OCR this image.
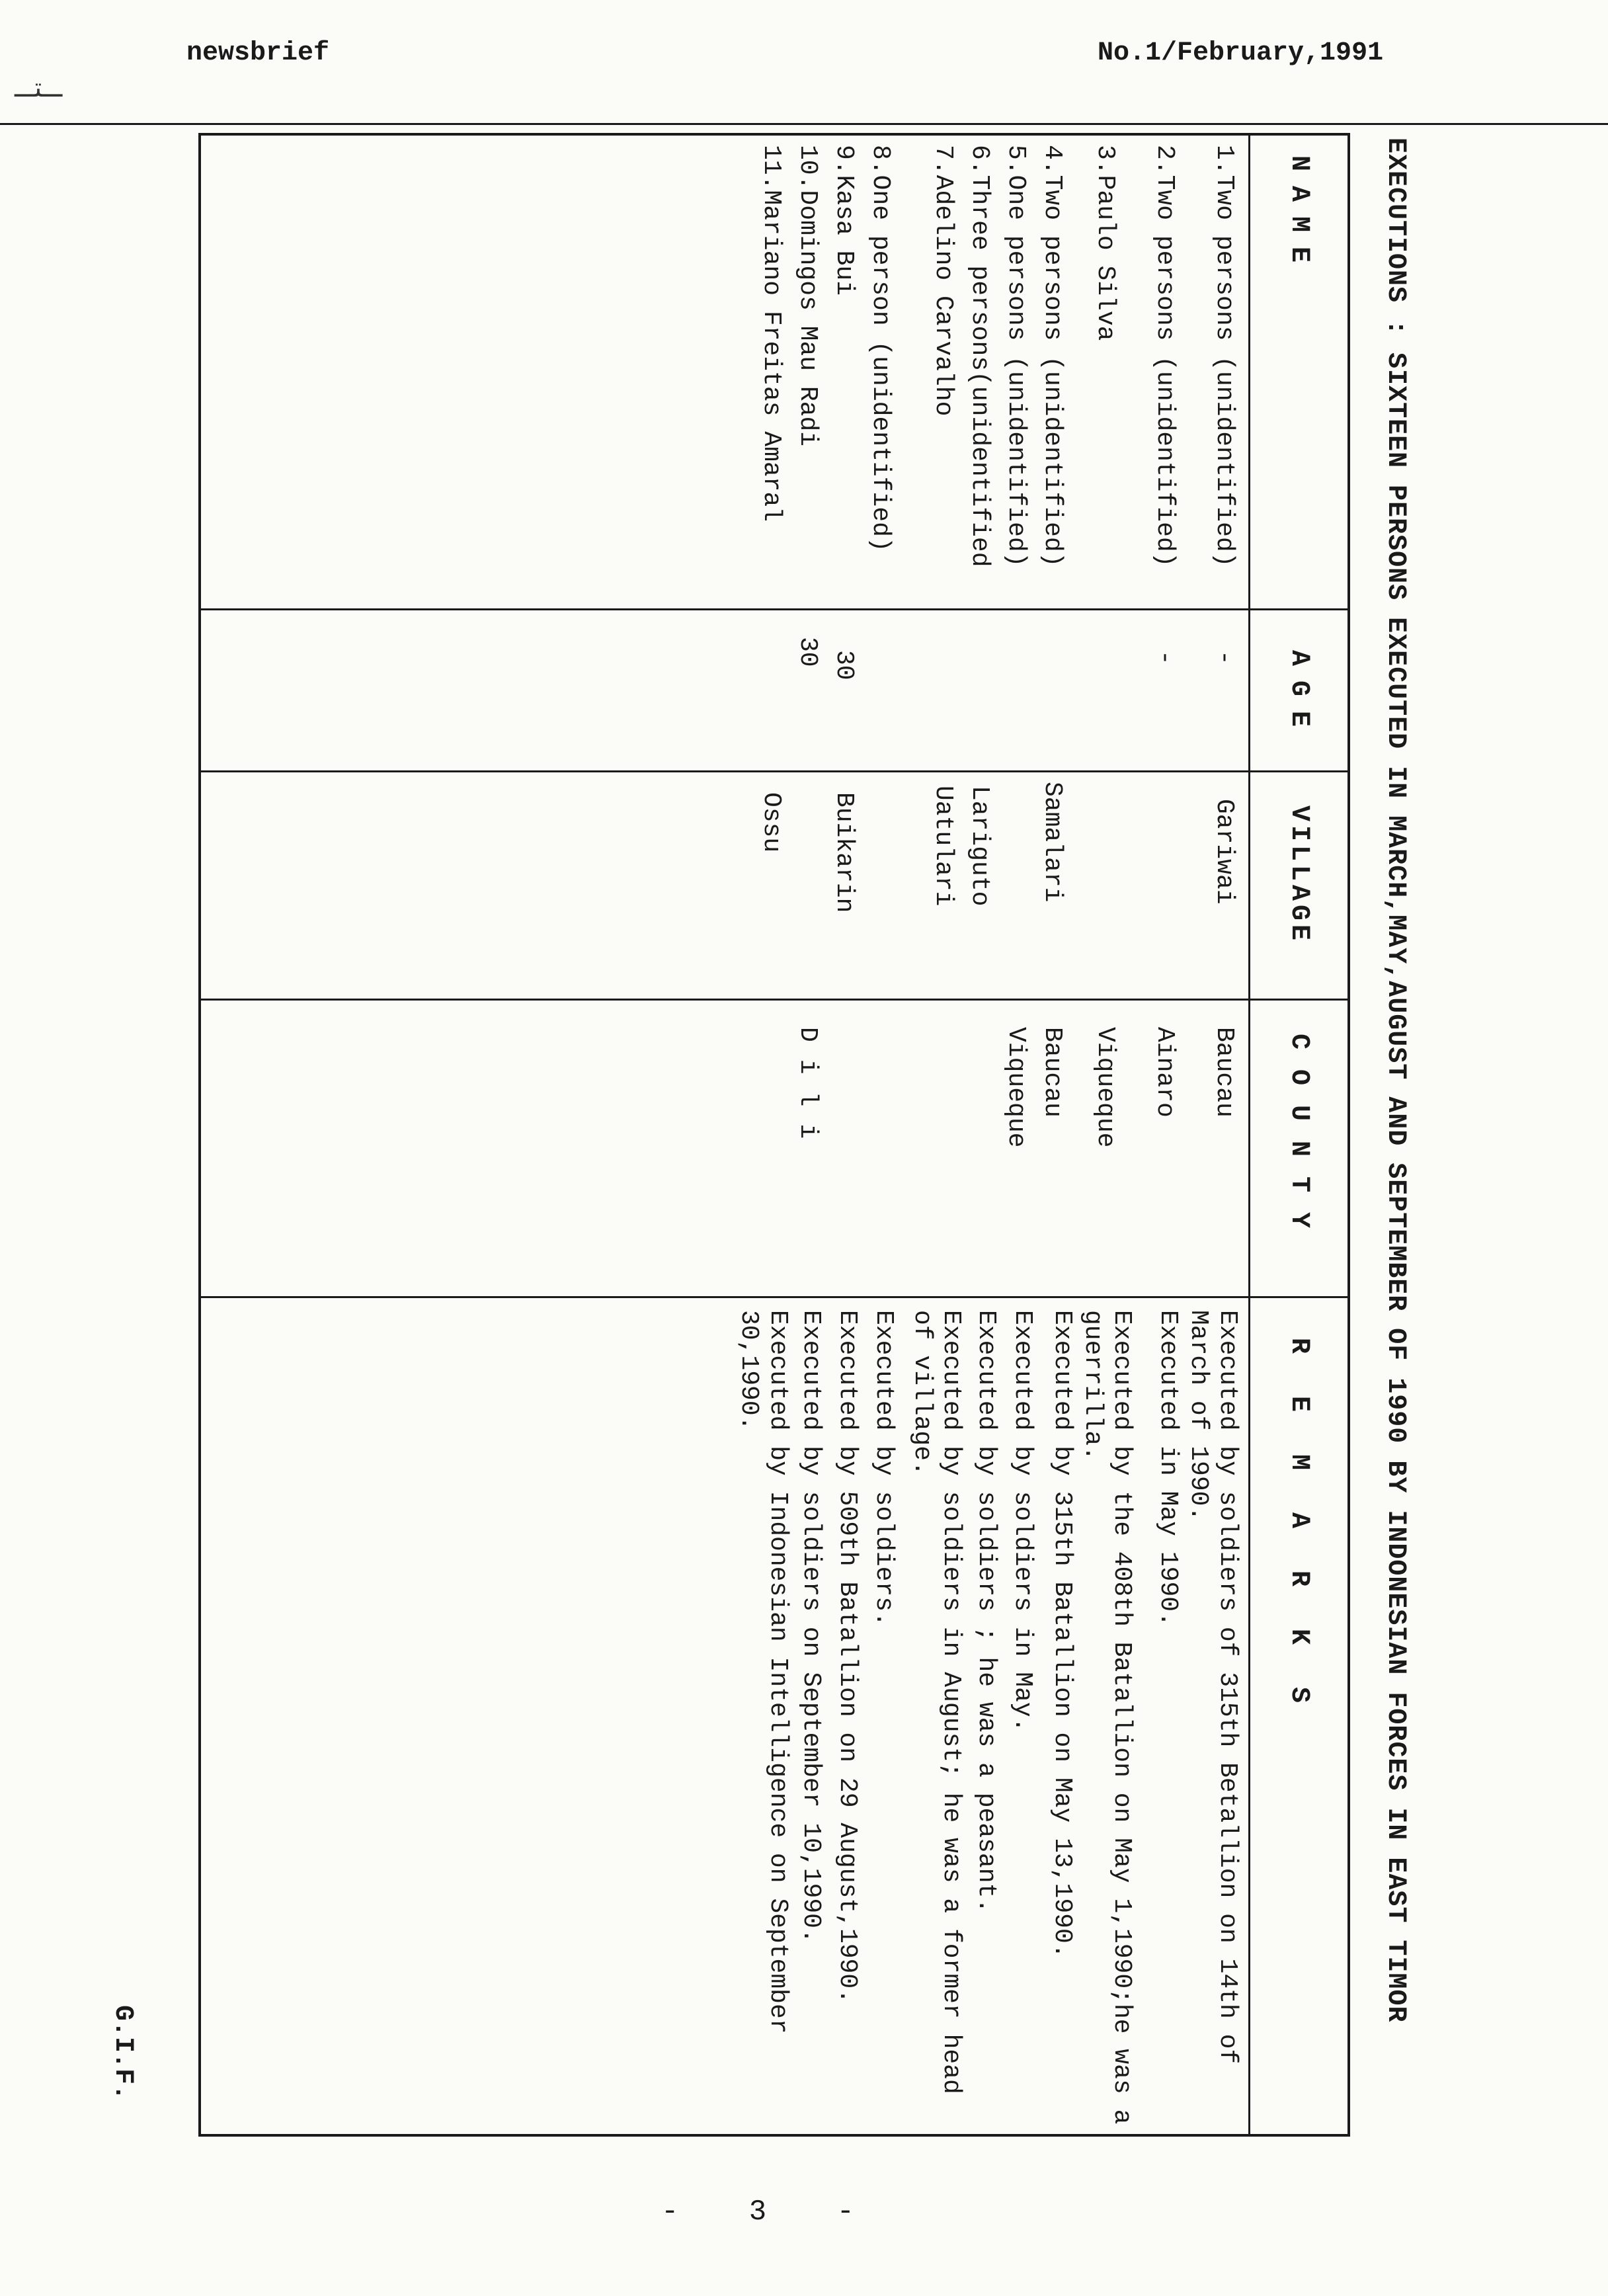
newsbrief	No.1/February,1991
ـتـ
EXECUTIONS : SIXTEEN PERSONS EXECUTED IN MARCH,MAY,AUGUST AND SEPTEMBER OF 1990 BY INDONESIAN FORCES IN EAST TIMOR
NAME
1.Two persons (unidentified)
2.Two persons (unidentified)
3.Paulo Silva
4.Two persons (unidentified)
5.One persons (unidentified)
6.Three persons(unidentified
7.Adelino Carvalho
8.One person (unidentified)
9.Kasa Bui
10.Domingos Mau Radi
11.Mariano Freitas Amaral
AGE
-
-
30
30
VILLAGE
Gariwai
Samalari
Lariguto
Uatulari
Buikarin
Ossu
COUNTY
Baucau
Ainaro
Viqueque
Baucau
Viqueque
Dili
REMARKS
Executed by soldiers of 315th Betallion on 14th of March of 1990.
Executed in May 1990.
Executed by the 408th Batallion on May 1,1990;he was a guerrilla.
Executed by 315th Batallion on May 13,1990.
Executed by soldiers in May.
Executed by soldiers ; he was a peasant.
Executed by soldiers in August; he was a former head of village.
Executed by soldiers.
Executed by 509th Batallion on 29 August,1990.
Executed by soldiers on September 10,1990.
Executed by Indonesian Intelligence on September 30,1990.
G.I.F.
- 3 -
